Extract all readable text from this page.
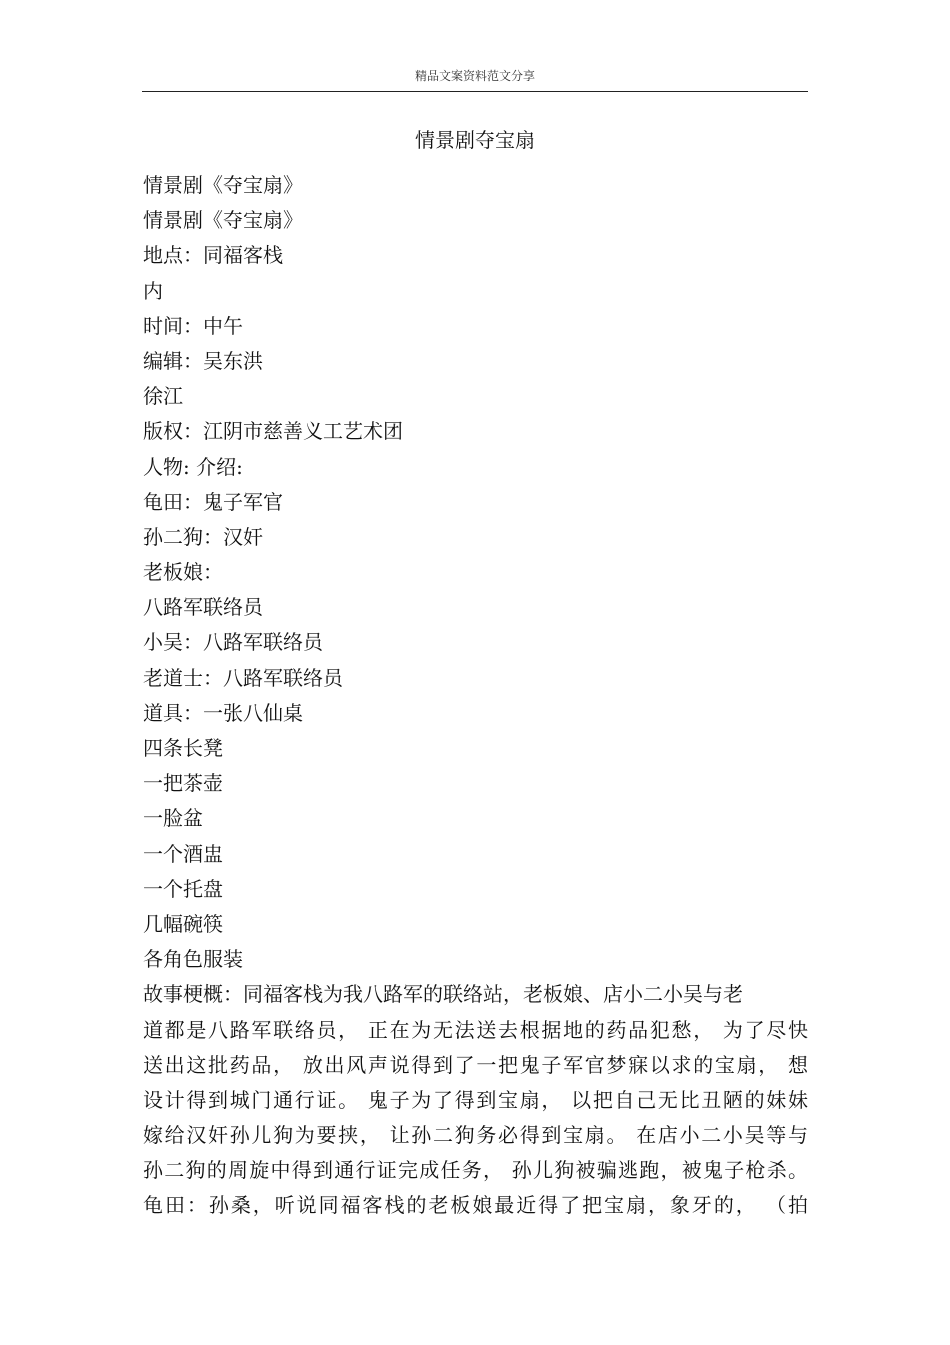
精品文案资料范文分享
情景剧夺宝扇
情景剧《夺宝扇》
情景剧《夺宝扇》
地点：同福客栈
内
时间：中午
编辑：吴东洪
徐江
版权：江阴市慈善义工艺术团
人物: 介绍:
龟田：鬼子军官
孙二狗：汉奸
老板娘：
八路军联络员
小吴：八路军联络员
老道士：八路军联络员
道具：一张八仙桌
四条长凳
一把茶壶
一脸盆
一个酒盅
一个托盘
几幅碗筷
各角色服装
故事梗概：同福客栈为我八路军的联络站，老板娘、店小二小吴与老
道都是八路军联络员， 正在为无法送去根据地的药品犯愁， 为了尽快
送出这批药品， 放出风声说得到了一把鬼子军官梦寐以求的宝扇， 想
设计得到城门通行证。 鬼子为了得到宝扇， 以把自己无比丑陋的妹妹
嫁给汉奸孙儿狗为要挟， 让孙二狗务必得到宝扇。 在店小二小吴等与
孙二狗的周旋中得到通行证完成任务， 孙儿狗被骗逃跑，被鬼子枪杀。
龟田：孙桑，听说同福客栈的老板娘最近得了把宝扇，象牙的， （拍
